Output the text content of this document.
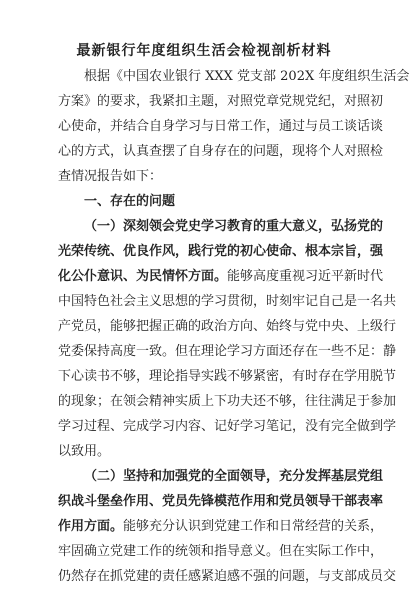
最新银行年度组织生活会检视剖析材料
根据《中国农业银行 XXX 党支部 202X 年度组织生活会
方案》的要求，我紧扣主题，对照党章党规党纪，对照初
心使命，并结合自身学习与日常工作，通过与员工谈话谈
心的方式，认真查摆了自身存在的问题，现将个人对照检
查情况报告如下：
一、存在的问题
（一）深刻领会党史学习教育的重大意义，弘扬党的
光荣传统、优良作风，践行党的初心使命、根本宗旨，强
化公仆意识、为民情怀方面。能够高度重视习近平新时代
中国特色社会主义思想的学习贯彻，时刻牢记自己是一名共
产党员，能够把握正确的政治方向、始终与党中央、上级行
党委保持高度一致。但在理论学习方面还存在一些不足：静
下心读书不够，理论指导实践不够紧密，有时存在学用脱节
的现象；在领会精神实质上下功夫还不够，往往满足于参加
学习过程、完成学习内容、记好学习笔记，没有完全做到学
以致用。
（二）坚持和加强党的全面领导，充分发挥基层党组
织战斗堡垒作用、党员先锋模范作用和党员领导干部表率
作用方面。能够充分认识到党建工作和日常经营的关系，
牢固确立党建工作的统领和指导意义。但在实际工作中，
仍然存在抓党建的责任感紧迫感不强的问题，与支部成员交
